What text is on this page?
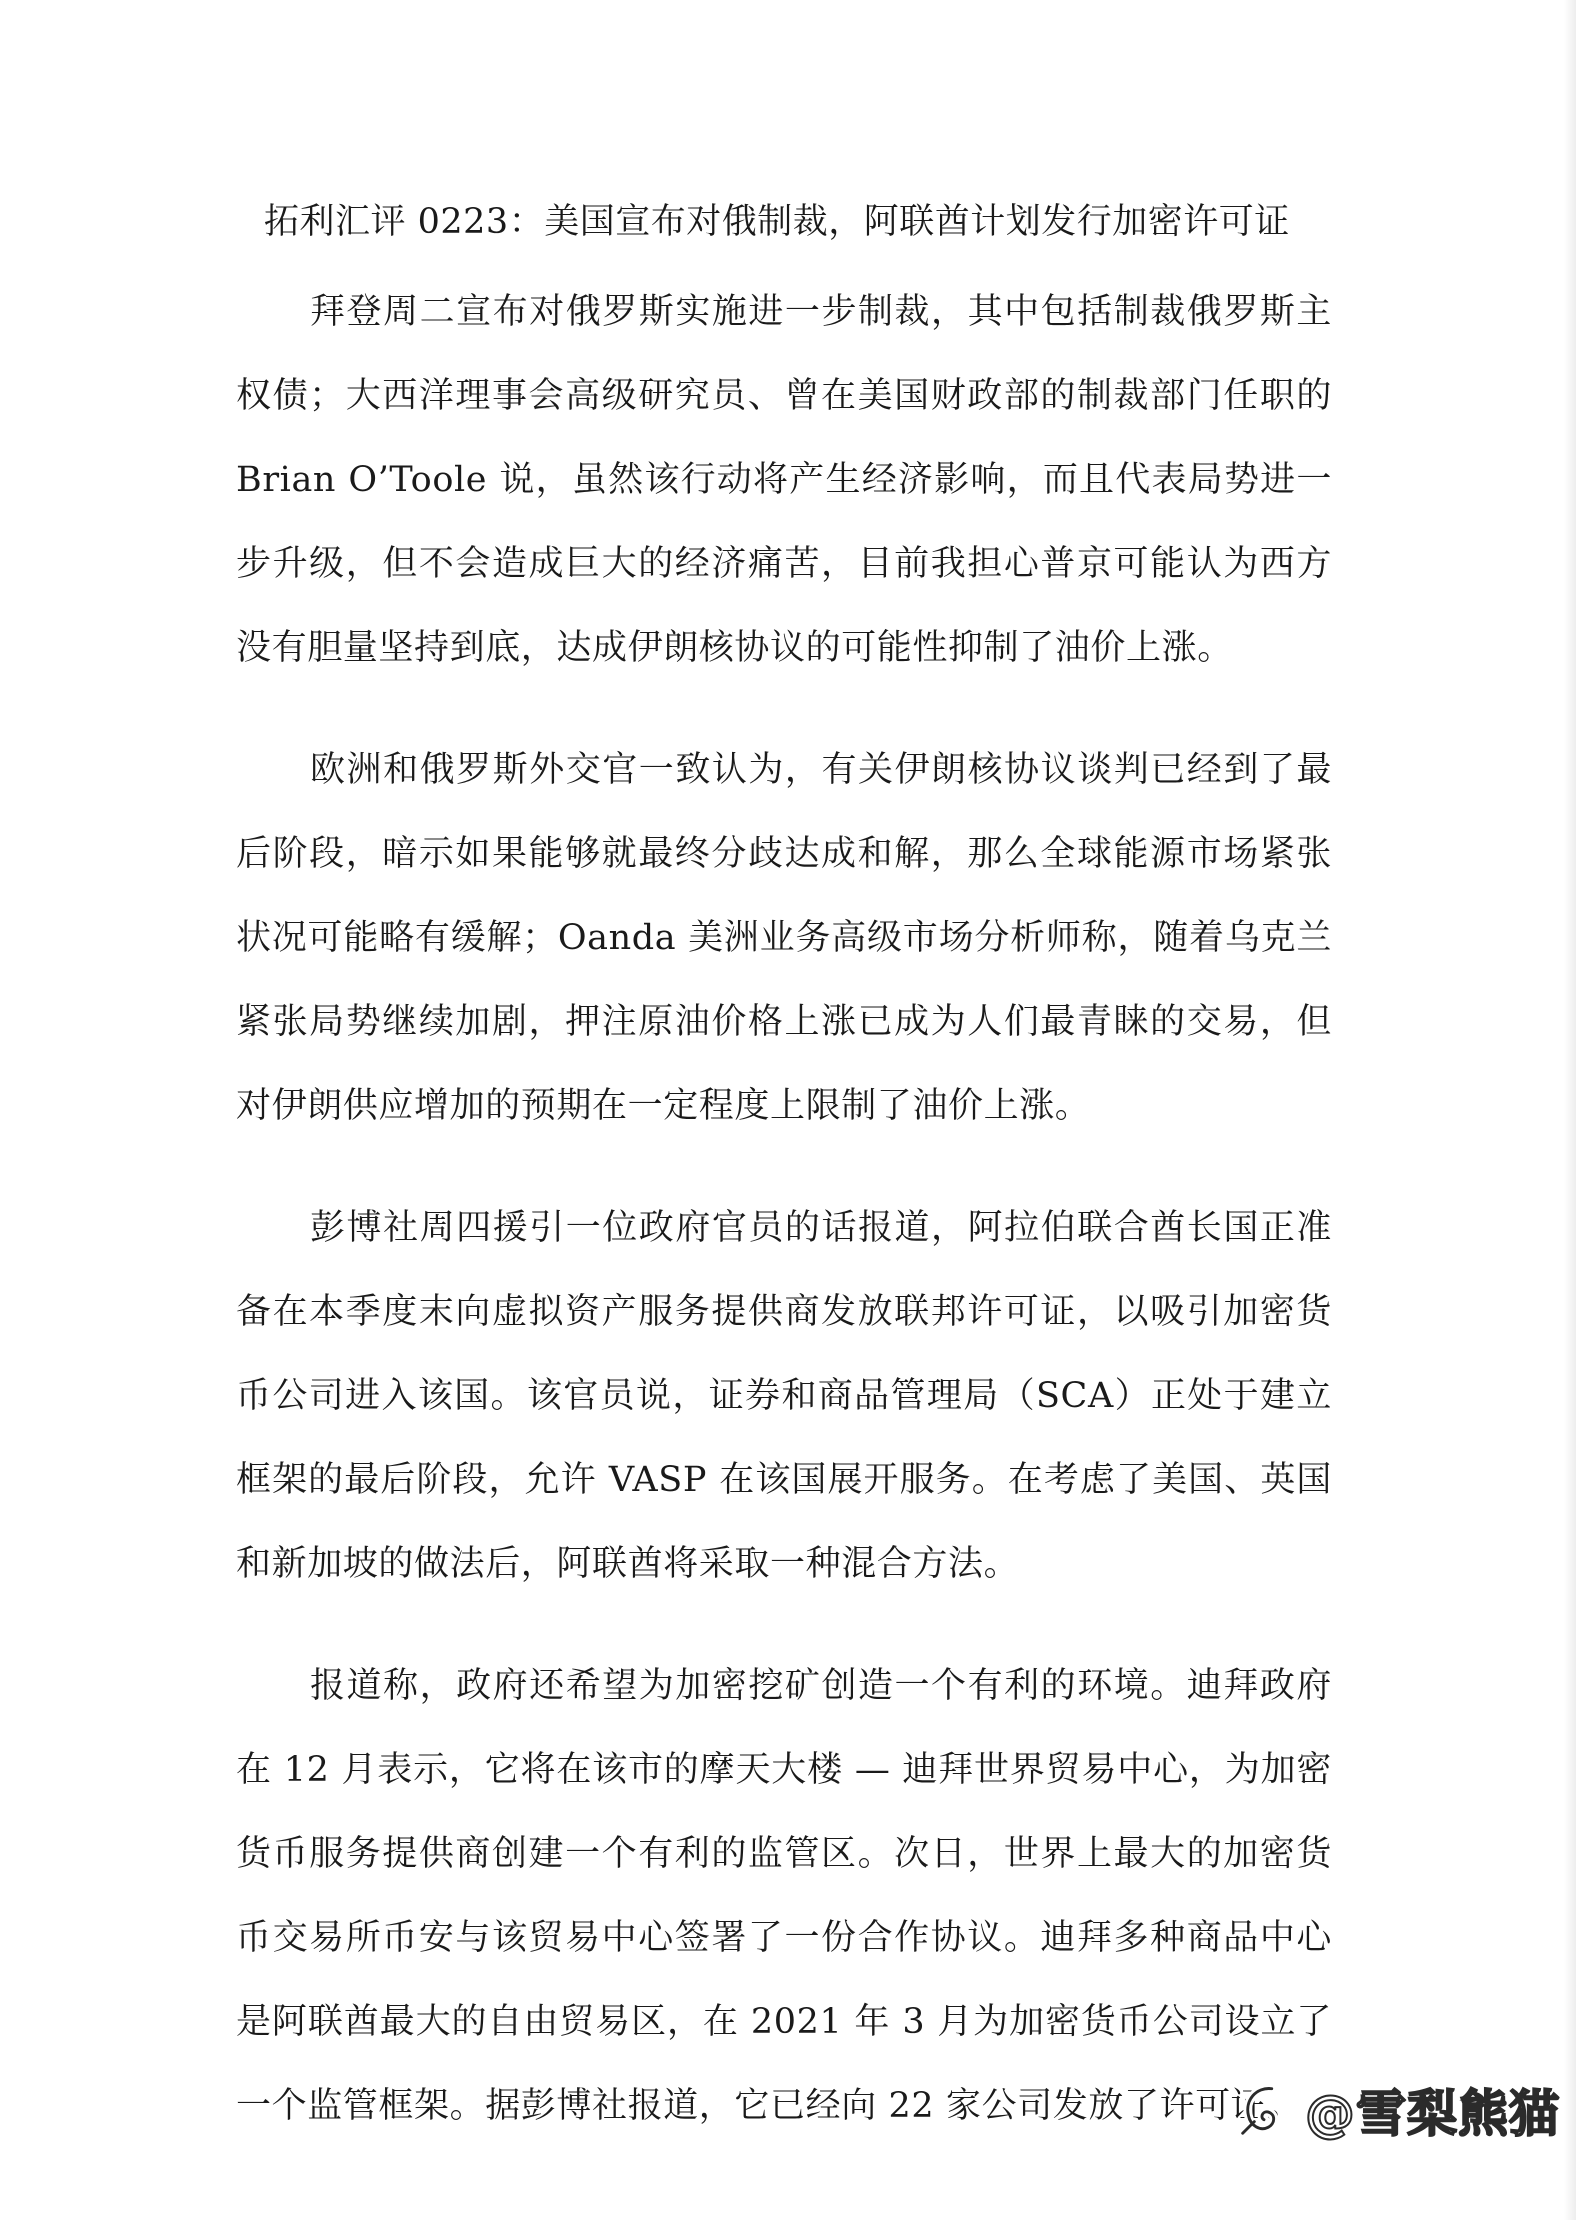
拓利汇评 0223：美国宣布对俄制裁，阿联酋计划发行加密许可证

拜登周二宣布对俄罗斯实施进一步制裁，其中包括制裁俄罗斯主权债；大西洋理事会高级研究员、曾在美国财政部的制裁部门任职的 Brian O’Toole 说，虽然该行动将产生经济影响，而且代表局势进一步升级，但不会造成巨大的经济痛苦，目前我担心普京可能认为西方没有胆量坚持到底，达成伊朗核协议的可能性抑制了油价上涨。

欧洲和俄罗斯外交官一致认为，有关伊朗核协议谈判已经到了最后阶段，暗示如果能够就最终分歧达成和解，那么全球能源市场紧张状况可能略有缓解；Oanda 美洲业务高级市场分析师称，随着乌克兰紧张局势继续加剧，押注原油价格上涨已成为人们最青睐的交易，但对伊朗供应增加的预期在一定程度上限制了油价上涨。

彭博社周四援引一位政府官员的话报道，阿拉伯联合酋长国正准备在本季度末向虚拟资产服务提供商发放联邦许可证，以吸引加密货币公司进入该国。该官员说，证券和商品管理局（SCA）正处于建立框架的最后阶段，允许 VASP 在该国展开服务。在考虑了美国、英国和新加坡的做法后，阿联酋将采取一种混合方法。

报道称，政府还希望为加密挖矿创造一个有利的环境。迪拜政府在 12 月表示，它将在该市的摩天大楼 — 迪拜世界贸易中心，为加密货币服务提供商创建一个有利的监管区。次日，世界上最大的加密货币交易所币安与该贸易中心签署了一份合作协议。迪拜多种商品中心是阿联酋最大的自由贸易区，在 2021 年 3 月为加密货币公司设立了一个监管框架。据彭博社报道，它已经向 22 家公司发放了许可证。 @雪梨熊猫
